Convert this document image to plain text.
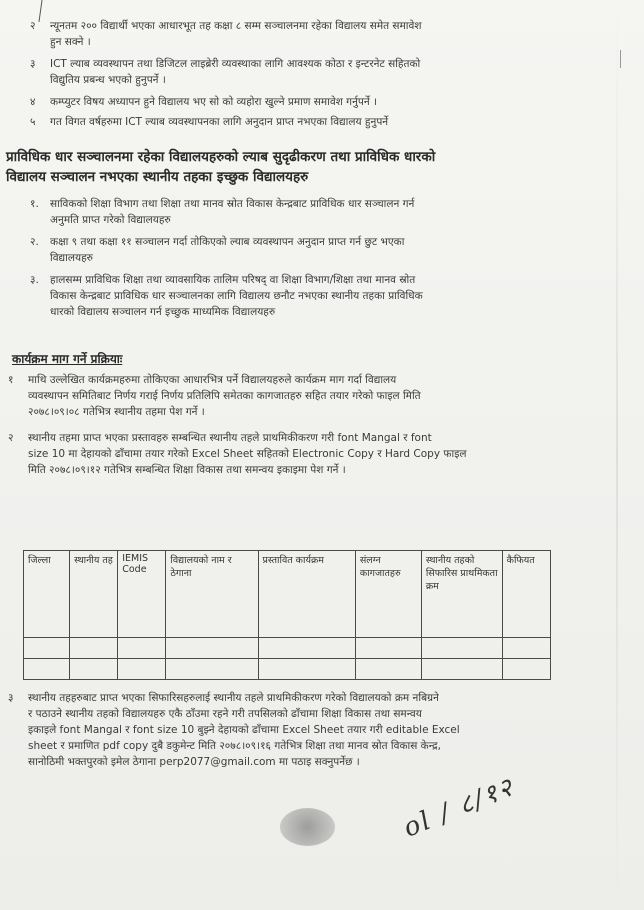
२ न्यूनतम २०० विद्यार्थी भएका आधारभूत तह कक्षा ८ सम्म सञ्चालनमा रहेका विद्यालय समेत समावेश
हुन सक्ने ।
३ ICT ल्याब व्यवस्थापन तथा डिजिटल लाइब्रेरी व्यवस्थाका लागि आवश्यक कोठा र इन्टरनेट सहितको
विद्युतिय प्रबन्ध भएको हुनुपर्ने ।
४ कम्प्युटर विषय अध्यापन हुने विद्यालय भए सो को व्यहोरा खुल्ने प्रमाण समावेश गर्नुपर्ने ।
५ गत विगत वर्षहरुमा ICT ल्याब व्यवस्थापनका लागि अनुदान प्राप्त नभएका विद्यालय हुनुपर्ने
प्राविधिक धार सञ्चालनमा रहेका विद्यालयहरुको ल्याब सुदृढीकरण तथा प्राविधिक धारको
विद्यालय सञ्चालन नभएका स्थानीय तहका इच्छुक विद्यालयहरु
१. साविकको शिक्षा विभाग तथा शिक्षा तथा मानव स्रोत विकास केन्द्रबाट प्राविधिक धार सञ्चालन गर्न
अनुमति प्राप्त गरेको विद्यालयहरु
२. कक्षा ९ तथा कक्षा ११ सञ्चालन गर्दा तोकिएको ल्याब व्यवस्थापन अनुदान प्राप्त गर्न छुट भएका
विद्यालयहरु
३. हालसम्म प्राविधिक शिक्षा तथा व्यावसायिक तालिम परिषद् वा शिक्षा विभाग/शिक्षा तथा मानव स्रोत
विकास केन्द्रबाट प्राविधिक धार सञ्चालनका लागि विद्यालय छनौट नभएका स्थानीय तहका प्राविधिक
धारको विद्यालय सञ्चालन गर्न इच्छुक माध्यमिक विद्यालयहरु
कार्यक्रम माग गर्ने प्रक्रियाः
१ माथि उल्लेखित कार्यक्रमहरुमा तोकिएका आधारभित्र पर्ने विद्यालयहरुले कार्यक्रम माग गर्दा विद्यालय
व्यवस्थापन समितिबाट निर्णय गराई निर्णय प्रतिलिपि समेतका कागजातहरु सहित तयार गरेको फाइल मिति
२०७८।०९।०८ गतेभित्र स्थानीय तहमा पेश गर्ने ।
२ स्थानीय तहमा प्राप्त भएका प्रस्तावहरु सम्बन्धित स्थानीय तहले प्राथमिकीकरण गरी font Mangal र font
size 10 मा देहायको ढाँचामा तयार गरेको Excel Sheet सहितको Electronic Copy र Hard Copy फाइल
मिति २०७८।०९।१२ गतेभित्र सम्बन्धित शिक्षा विकास तथा समन्वय इकाइमा पेश गर्ने ।
जिल्ला	स्थानीय तह	IEMIS Code	विद्यालयको नाम र ठेगाना	प्रस्तावित कार्यक्रम	संलग्न कागजातहरु	स्थानीय तहको सिफारिस प्राथमिकता क्रम	कैफियत

३ स्थानीय तहहरुबाट प्राप्त भएका सिफारिसहरुलाई स्थानीय तहले प्राथमिकीकरण गरेको विद्यालयको क्रम नबिग्रने
र पठाउने स्थानीय तहको विद्यालयहरु एकै ठाँउमा रहने गरी तपसिलको ढाँचामा शिक्षा विकास तथा समन्वय
इकाइले font Mangal र font size 10 बुझ्ने देहायको ढाँचामा Excel Sheet तयार गरी editable Excel
sheet र प्रमाणित pdf copy दुबै डकुमेन्ट मिति २०७८।०९।१६ गतेभित्र शिक्षा तथा मानव स्रोत विकास केन्द्र,
सानोठिमी भक्तपुरको इमेल ठेगाना perp2077@gmail.com मा पठाइ सक्नुपर्नेछ ।
ol / ८/१२
